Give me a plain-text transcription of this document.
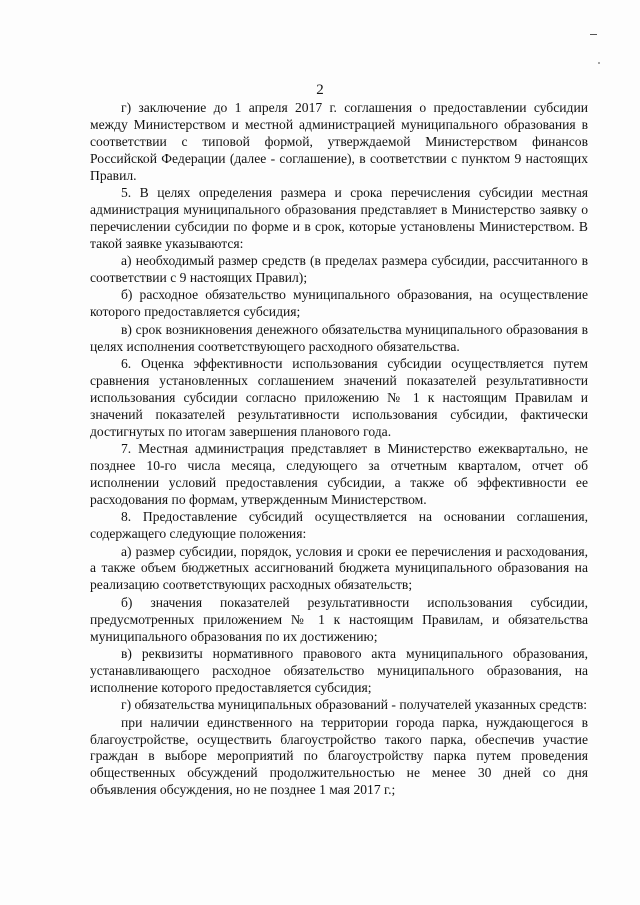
2

г) заключение до 1 апреля 2017 г. соглашения о предоставлении субсидии между Министерством и местной администрацией муниципального образования в соответствии с типовой формой, утверждаемой Министерством финансов Российской Федерации (далее - соглашение), в соответствии с пунктом 9 настоящих Правил.

5. В целях определения размера и срока перечисления субсидии местная администрация муниципального образования представляет в Министерство заявку о перечислении субсидии по форме и в срок, которые установлены Министерством. В такой заявке указываются:

а) необходимый размер средств (в пределах размера субсидии, рассчитанного в соответствии с 9 настоящих Правил);

б) расходное обязательство муниципального образования, на осуществление которого предоставляется субсидия;

в) срок возникновения денежного обязательства муниципального образования в целях исполнения соответствующего расходного обязательства.

6. Оценка эффективности использования субсидии осуществляется путем сравнения установленных соглашением значений показателей результативности использования субсидии согласно приложению № 1 к настоящим Правилам и значений показателей результативности использования субсидии, фактически достигнутых по итогам завершения планового года.

7. Местная администрация представляет в Министерство ежеквартально, не позднее 10-го числа месяца, следующего за отчетным кварталом, отчет об исполнении условий предоставления субсидии, а также об эффективности ее расходования по формам, утвержденным Министерством.

8. Предоставление субсидий осуществляется на основании соглашения, содержащего следующие положения:

а) размер субсидии, порядок, условия и сроки ее перечисления и расходования, а также объем бюджетных ассигнований бюджета муниципального образования на реализацию соответствующих расходных обязательств;

б) значения показателей результативности использования субсидии, предусмотренных приложением № 1 к настоящим Правилам, и обязательства муниципального образования по их достижению;

в) реквизиты нормативного правового акта муниципального образования, устанавливающего расходное обязательство муниципального образования, на исполнение которого предоставляется субсидия;

г) обязательства муниципальных образований - получателей указанных средств:

при наличии единственного на территории города парка, нуждающегося в благоустройстве, осуществить благоустройство такого парка, обеспечив участие граждан в выборе мероприятий по благоустройству парка путем проведения общественных обсуждений продолжительностью не менее 30 дней со дня объявления обсуждения, но не позднее 1 мая 2017 г.;
